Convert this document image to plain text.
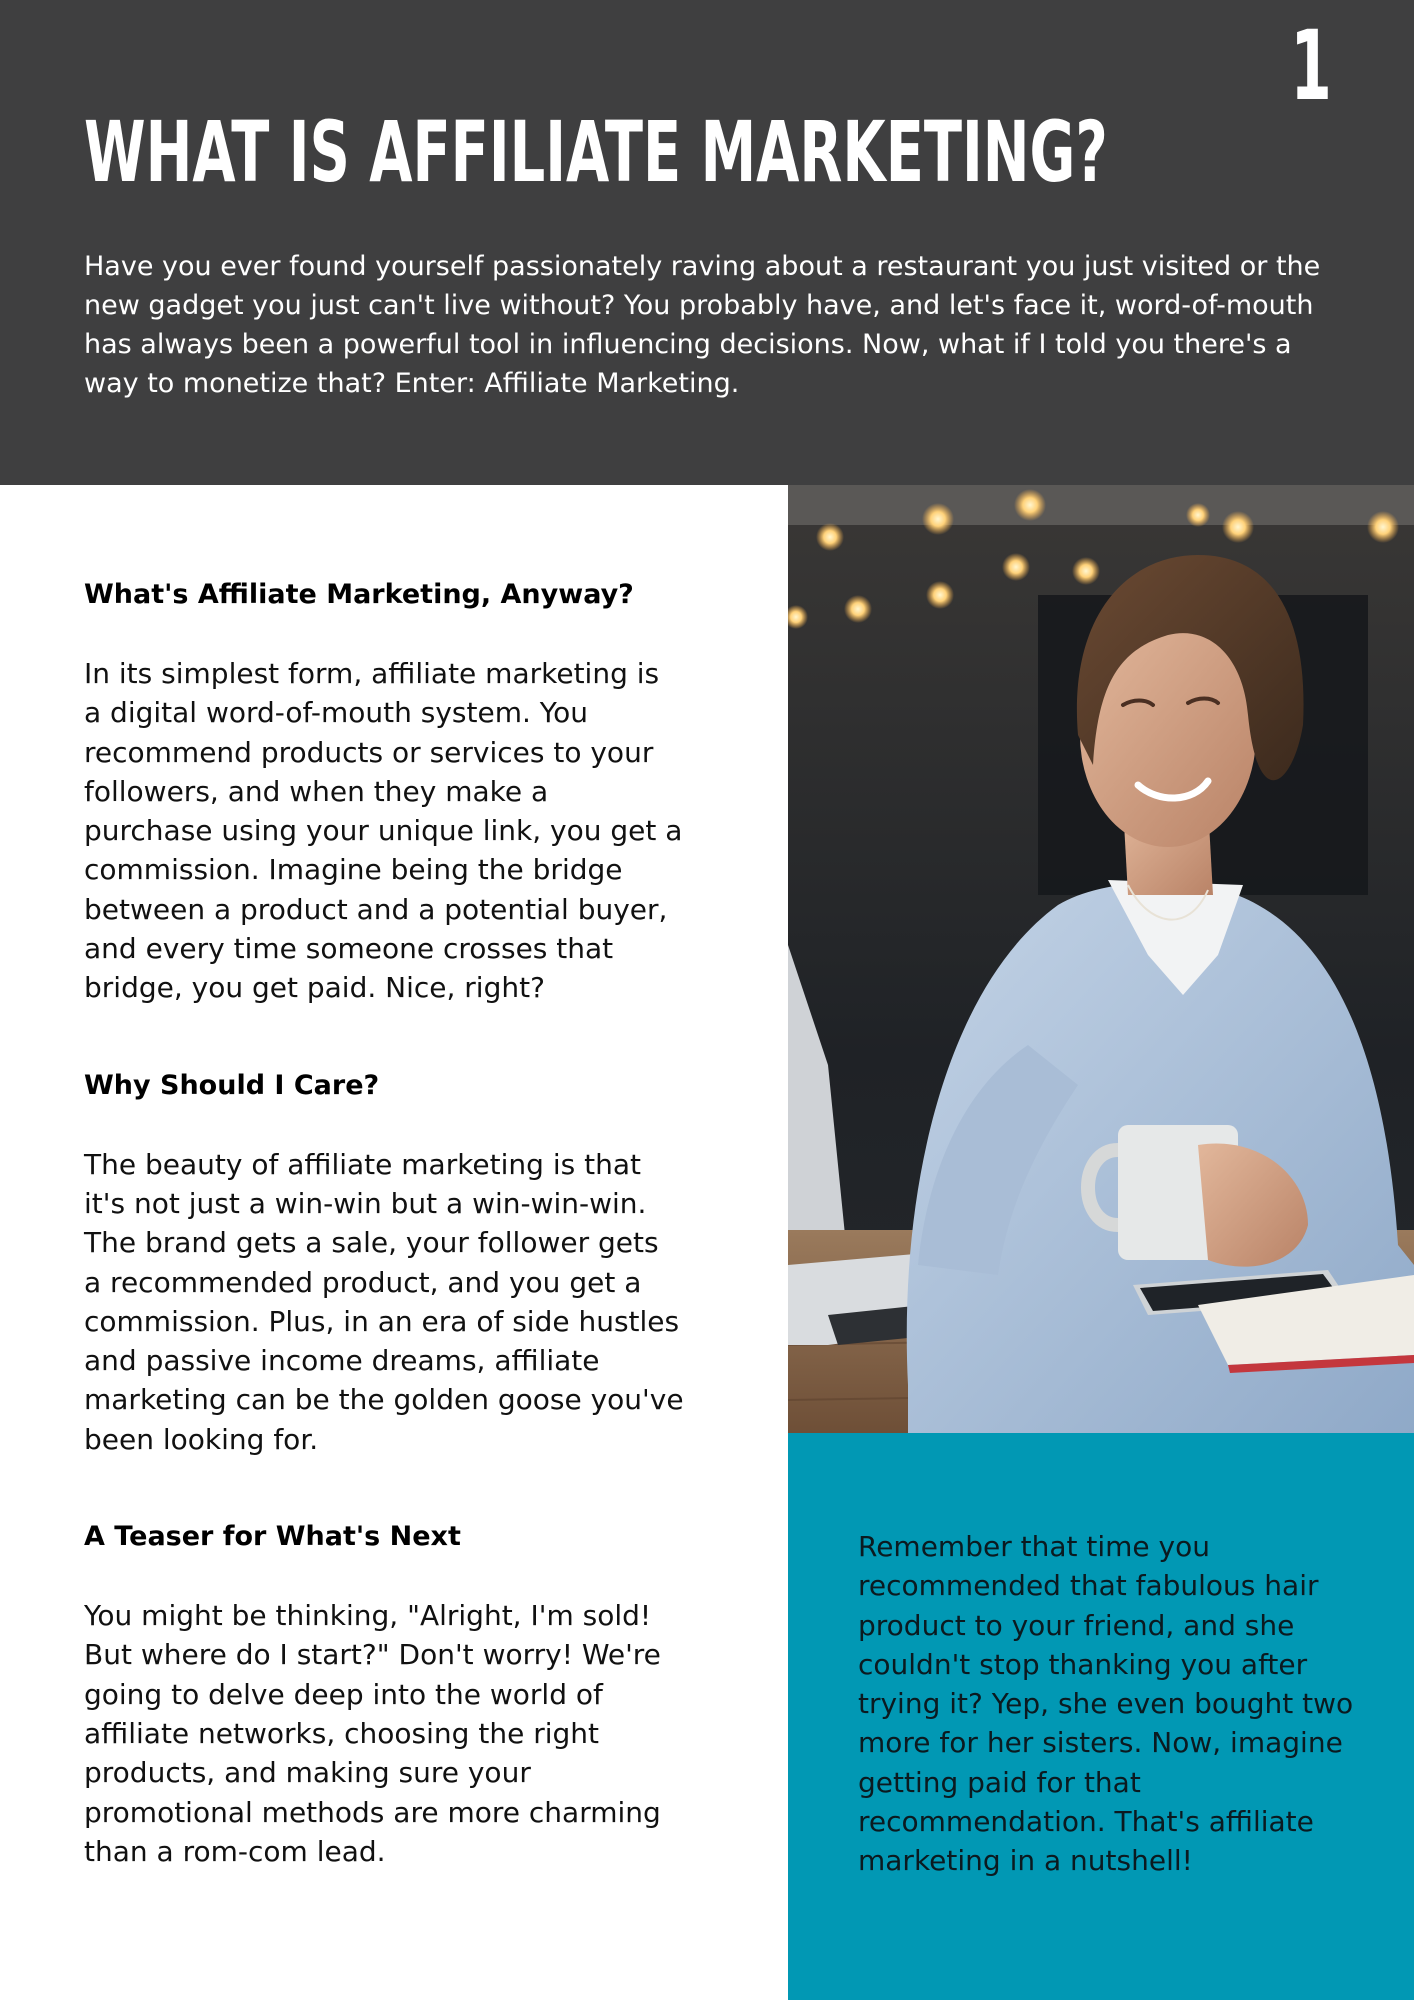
1
WHAT IS AFFILIATE MARKETING?

Have you ever found yourself passionately raving about a restaurant you just visited or the new gadget you just can't live without? You probably have, and let's face it, word-of-mouth has always been a powerful tool in influencing decisions. Now, what if I told you there's a way to monetize that? Enter: Affiliate Marketing.

What's Affiliate Marketing, Anyway?

In its simplest form, affiliate marketing is a digital word-of-mouth system. You recommend products or services to your followers, and when they make a purchase using your unique link, you get a commission. Imagine being the bridge between a product and a potential buyer, and every time someone crosses that bridge, you get paid. Nice, right?

Why Should I Care?

The beauty of affiliate marketing is that it's not just a win-win but a win-win-win. The brand gets a sale, your follower gets a recommended product, and you get a commission. Plus, in an era of side hustles and passive income dreams, affiliate marketing can be the golden goose you've been looking for.

A Teaser for What's Next

You might be thinking, "Alright, I'm sold! But where do I start?" Don't worry! We're going to delve deep into the world of affiliate networks, choosing the right products, and making sure your promotional methods are more charming than a rom-com lead.

Remember that time you recommended that fabulous hair product to your friend, and she couldn't stop thanking you after trying it? Yep, she even bought two more for her sisters. Now, imagine getting paid for that recommendation. That's affiliate marketing in a nutshell!
